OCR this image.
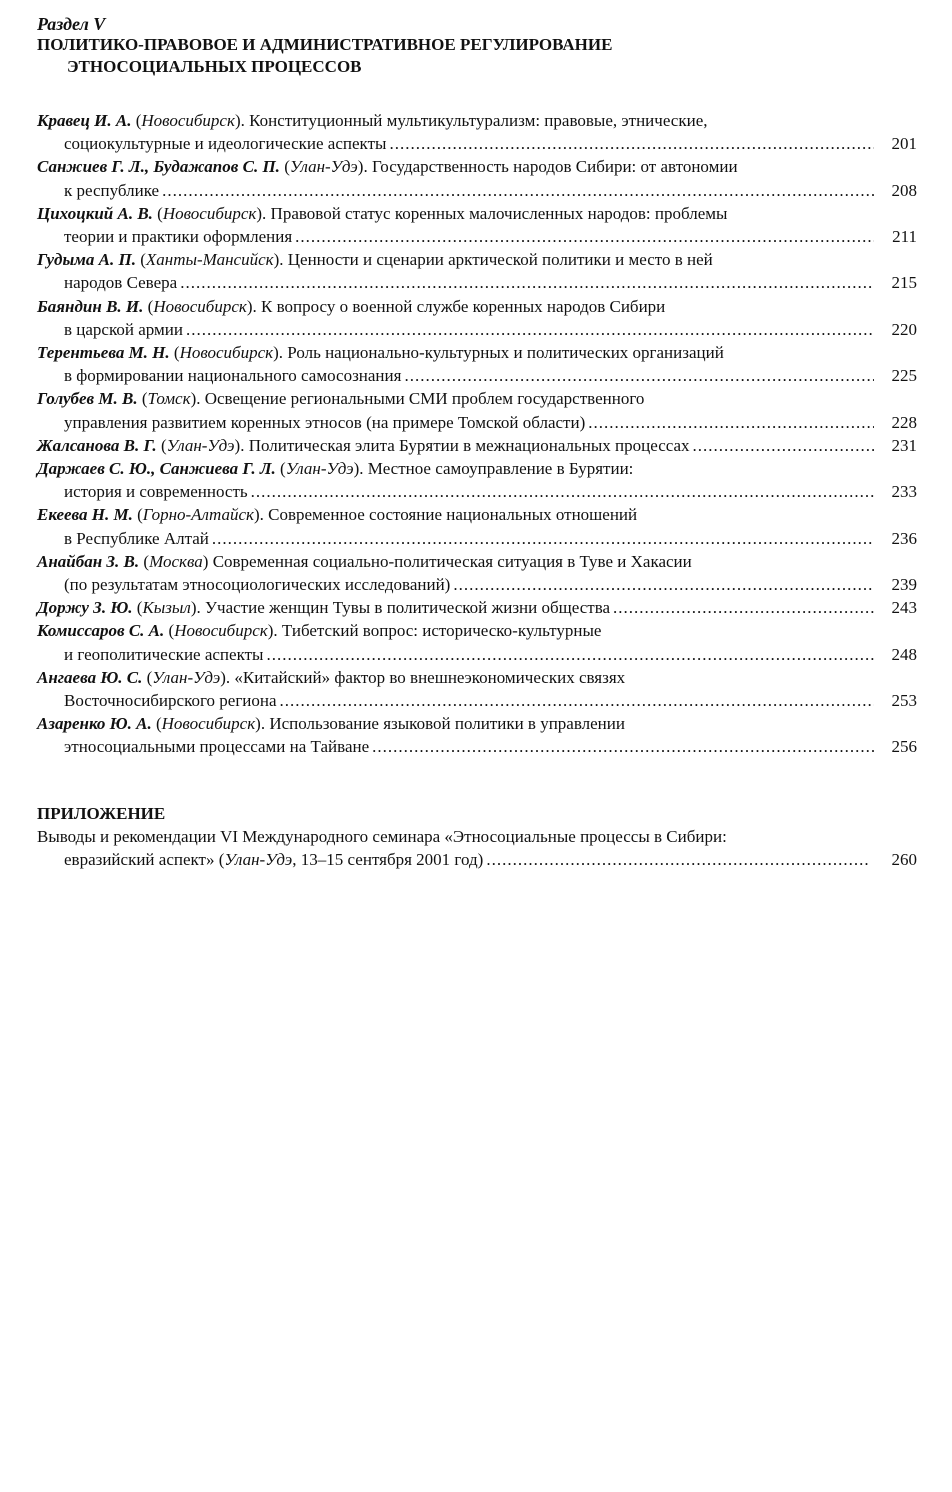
Раздел V
ПОЛИТИКО-ПРАВОВОЕ И АДМИНИСТРАТИВНОЕ РЕГУЛИРОВАНИЕ
ЭТНОСОЦИАЛЬНЫХ ПРОЦЕССОВ
Кравец И. А. (Новосибирск). Конституционный мультикультурализм: правовые, этнические,
социокультурные и идеологические аспекты .....	201
Санжиев Г. Л., Будажапов С. П. (Улан-Удэ). Государственность народов Сибири: от автономии
к республике .....	208
Цихоцкий А. В. (Новосибирск). Правовой статус коренных малочисленных народов: проблемы
теории и практики оформления .....	211
Гудыма А. П. (Ханты-Мансийск). Ценности и сценарии арктической политики и место в ней
народов Севера .....	215
Баяндин В. И. (Новосибирск). К вопросу о военной службе коренных народов Сибири
в царской армии .....	220
Терентьева М. Н. (Новосибирск). Роль национально-культурных и политических организаций
в формировании национального самосознания .....	225
Голубев М. В. (Томск). Освещение региональными СМИ проблем государственного
управления развитием коренных этносов (на примере Томской области) .....	228
Жалсанова В. Г. (Улан-Удэ). Политическая элита Бурятии в межнациональных процессах .....	231
Даржаев С. Ю., Санжиева Г. Л. (Улан-Удэ). Местное самоуправление в Бурятии:
история и современность .....	233
Екеева Н. М. (Горно-Алтайск). Современное состояние национальных отношений
в Республике Алтай .....	236
Анайбан З. В. (Москва) Современная социально-политическая ситуация в Туве и Хакасии
(по результатам этносоциологических исследований) .....	239
Доржу З. Ю. (Кызыл). Участие женщин Тувы в политической жизни общества .....	243
Комиссаров С. А. (Новосибирск). Тибетский вопрос: историческо-культурные
и геополитические аспекты .....	248
Ангаева Ю. С. (Улан-Удэ). «Китайский» фактор во внешнеэкономических связях
Восточносибирского региона .....	253
Азаренко Ю. А. (Новосибирск). Использование языковой политики в управлении
этносоциальными процессами на Тайване .....	256
ПРИЛОЖЕНИЕ
Выводы и рекомендации VI Международного семинара «Этносоциальные процессы в Сибири:
евразийский аспект» (Улан-Удэ, 13–15 сентября 2001 год) .....	260
